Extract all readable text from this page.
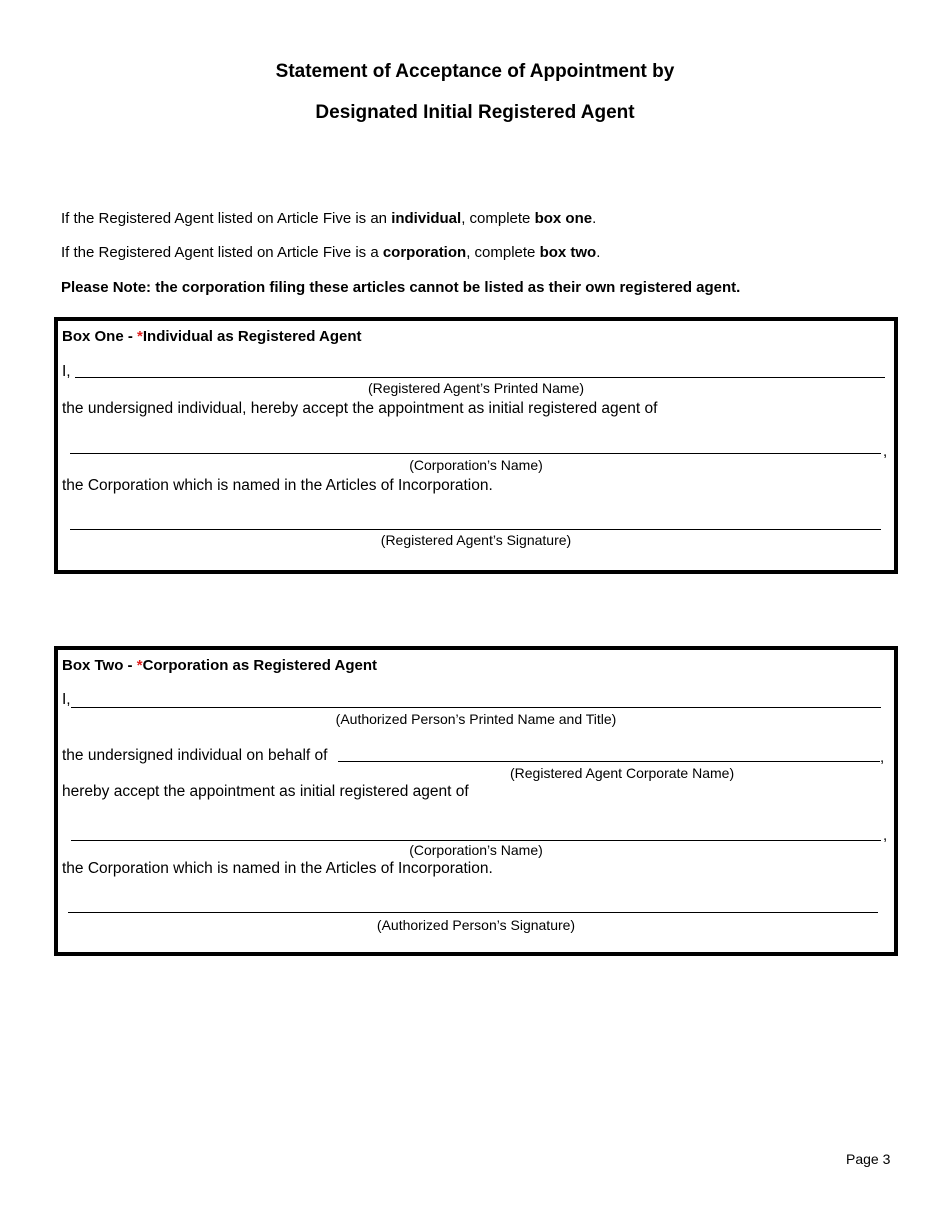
Statement of Acceptance of Appointment by
Designated Initial Registered Agent
If the Registered Agent listed on Article Five is an individual, complete box one.
If the Registered Agent listed on Article Five is a corporation, complete box two.
Please Note: the corporation filing these articles cannot be listed as their own registered agent.
Box One - *Individual as Registered Agent
I,
(Registered Agent’s Printed Name)
the undersigned individual, hereby accept the appointment as initial registered agent of
,
(Corporation’s Name)
the Corporation which is named in the Articles of Incorporation.
(Registered Agent’s Signature)
Box Two - *Corporation as Registered Agent
I,
(Authorized Person’s Printed Name and Title)
the undersigned individual on behalf of	,
(Registered Agent Corporate Name)
hereby accept the appointment as initial registered agent of
,
(Corporation’s Name)
the Corporation which is named in the Articles of Incorporation.
(Authorized Person’s Signature)
Page 3
